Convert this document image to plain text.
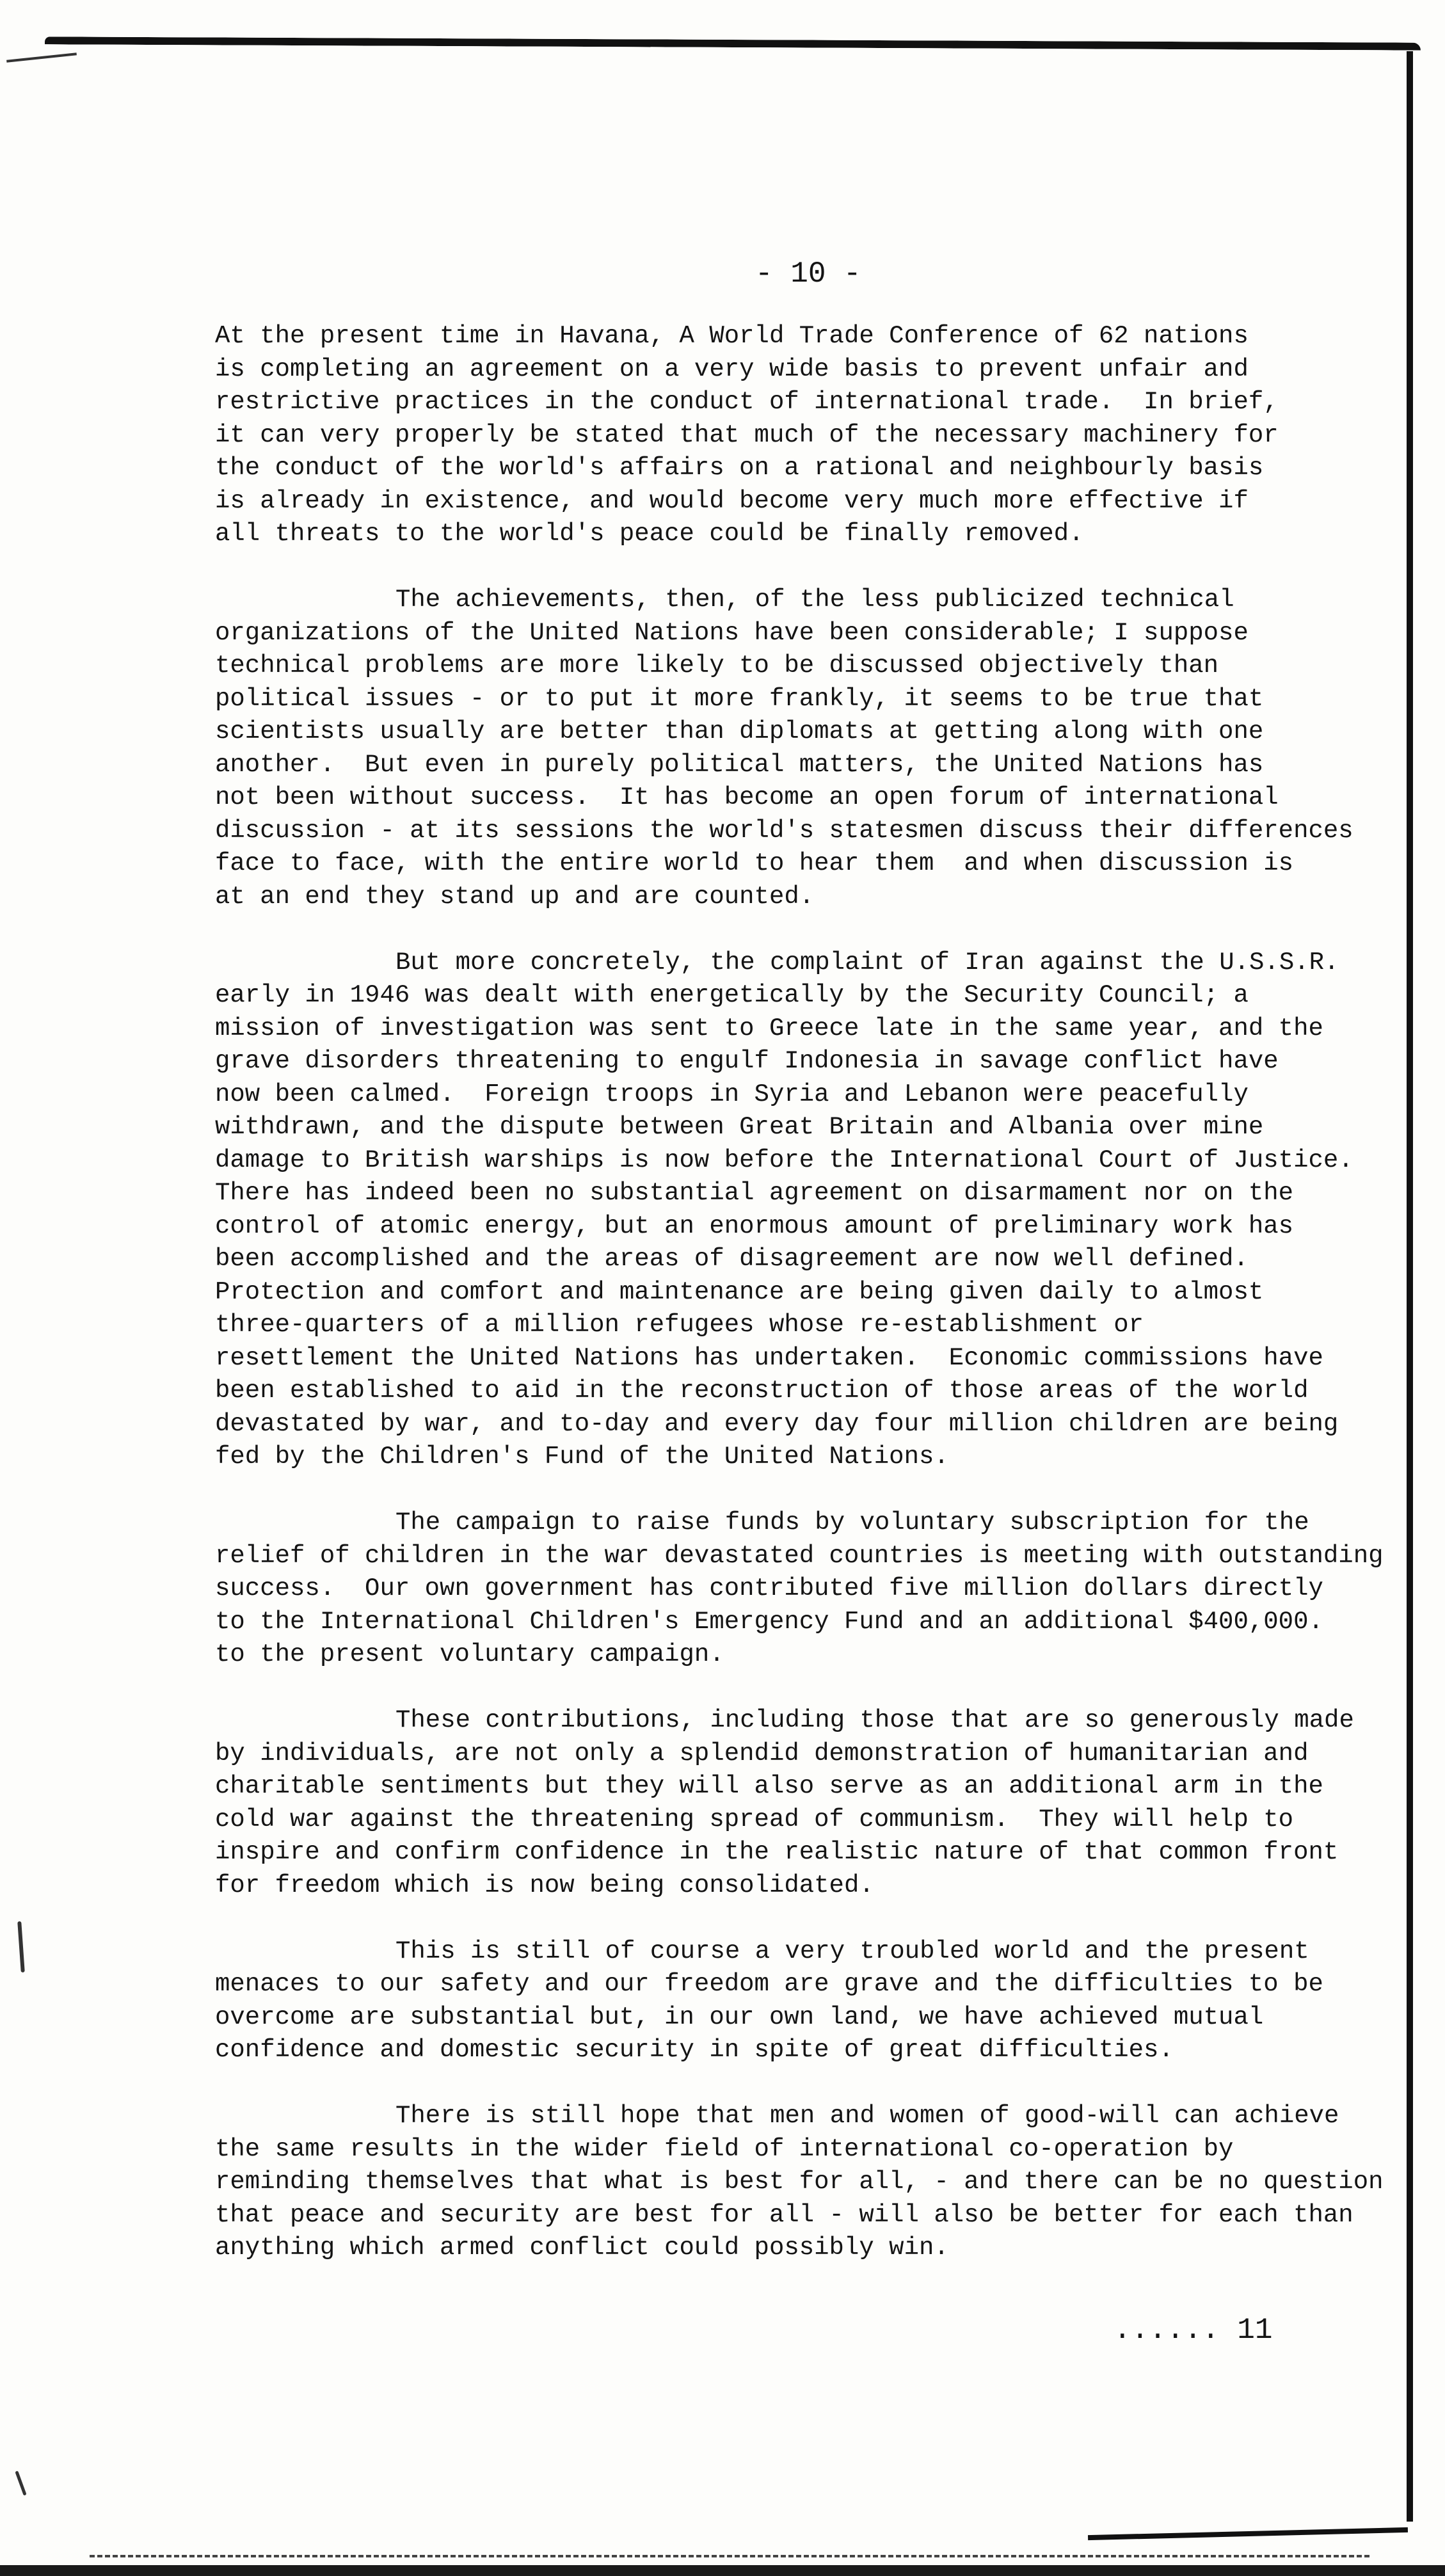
- 10 -

At the present time in Havana, A World Trade Conference of 62 nations
is completing an agreement on a very wide basis to prevent unfair and
restrictive practices in the conduct of international trade.  In brief,
it can very properly be stated that much of the necessary machinery for
the conduct of the world's affairs on a rational and neighbourly basis
is already in existence, and would become very much more effective if
all threats to the world's peace could be finally removed.

The achievements, then, of the less publicized technical
organizations of the United Nations have been considerable; I suppose
technical problems are more likely to be discussed objectively than
political issues - or to put it more frankly, it seems to be true that
scientists usually are better than diplomats at getting along with one
another.  But even in purely political matters, the United Nations has
not been without success.  It has become an open forum of international
discussion - at its sessions the world's statesmen discuss their differences
face to face, with the entire world to hear them  and when discussion is
at an end they stand up and are counted.

But more concretely, the complaint of Iran against the U.S.S.R.
early in 1946 was dealt with energetically by the Security Council; a
mission of investigation was sent to Greece late in the same year, and the
grave disorders threatening to engulf Indonesia in savage conflict have
now been calmed.  Foreign troops in Syria and Lebanon were peacefully
withdrawn, and the dispute between Great Britain and Albania over mine
damage to British warships is now before the International Court of Justice.
There has indeed been no substantial agreement on disarmament nor on the
control of atomic energy, but an enormous amount of preliminary work has
been accomplished and the areas of disagreement are now well defined.
Protection and comfort and maintenance are being given daily to almost
three-quarters of a million refugees whose re-establishment or
resettlement the United Nations has undertaken.  Economic commissions have
been established to aid in the reconstruction of those areas of the world
devastated by war, and to-day and every day four million children are being
fed by the Children's Fund of the United Nations.

The campaign to raise funds by voluntary subscription for the
relief of children in the war devastated countries is meeting with outstanding
success.  Our own government has contributed five million dollars directly
to the International Children's Emergency Fund and an additional $400,000.
to the present voluntary campaign.

These contributions, including those that are so generously made
by individuals, are not only a splendid demonstration of humanitarian and
charitable sentiments but they will also serve as an additional arm in the
cold war against the threatening spread of communism.  They will help to
inspire and confirm confidence in the realistic nature of that common front
for freedom which is now being consolidated.

This is still of course a very troubled world and the present
menaces to our safety and our freedom are grave and the difficulties to be
overcome are substantial but, in our own land, we have achieved mutual
confidence and domestic security in spite of great difficulties.

There is still hope that men and women of good-will can achieve
the same results in the wider field of international co-operation by
reminding themselves that what is best for all, - and there can be no question
that peace and security are best for all - will also be better for each than
anything which armed conflict could possibly win.

...... 11
